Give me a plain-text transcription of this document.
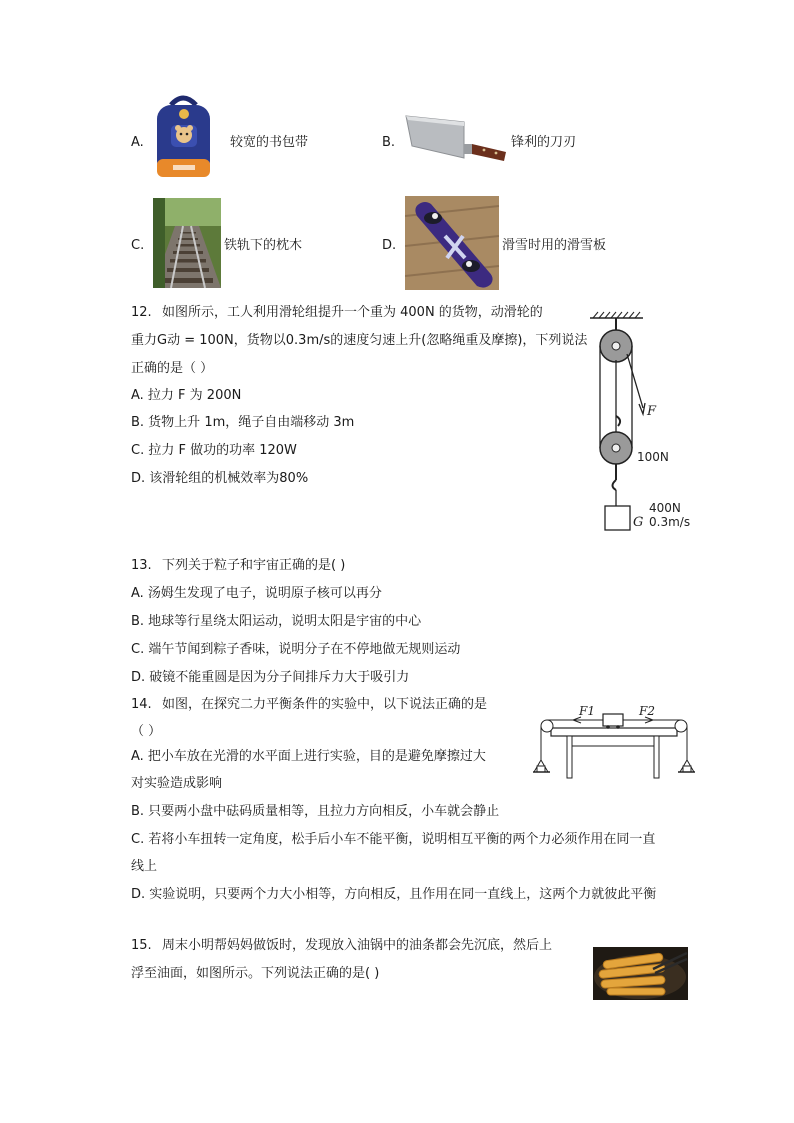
A.	较宽的书包带	B.	锋利的刀刃
C.	铁轨下的枕木	D.	滑雪时用的滑雪板
12. 如图所示，工人利用滑轮组提升一个重为 400N 的货物，动滑轮的
重力G动 = 100N，货物以0.3m/s的速度匀速上升(忽略绳重及摩擦)，下列说法
正确的是（ ）
A. 拉力 F 为 200N
B. 货物上升 1m，绳子自由端移动 3m
C. 拉力 F 做功的功率 120W
D. 该滑轮组的机械效率为80%
F
100N
400N
G 0.3m/s
13. 下列关于粒子和宇宙正确的是( )
A. 汤姆生发现了电子，说明原子核可以再分
B. 地球等行星绕太阳运动，说明太阳是宇宙的中心
C. 端午节闻到粽子香味，说明分子在不停地做无规则运动
D. 破镜不能重圆是因为分子间排斥力大于吸引力
14. 如图，在探究二力平衡条件的实验中，以下说法正确的是
（ ）
A. 把小车放在光滑的水平面上进行实验，目的是避免摩擦过大
对实验造成影响
B. 只要两小盘中砝码质量相等，且拉力方向相反，小车就会静止
C. 若将小车扭转一定角度，松手后小车不能平衡，说明相互平衡的两个力必须作用在同一直
线上
D. 实验说明，只要两个力大小相等，方向相反，且作用在同一直线上，这两个力就彼此平衡
F1	F2
15. 周末小明帮妈妈做饭时，发现放入油锅中的油条都会先沉底，然后上
浮至油面，如图所示。下列说法正确的是( )
